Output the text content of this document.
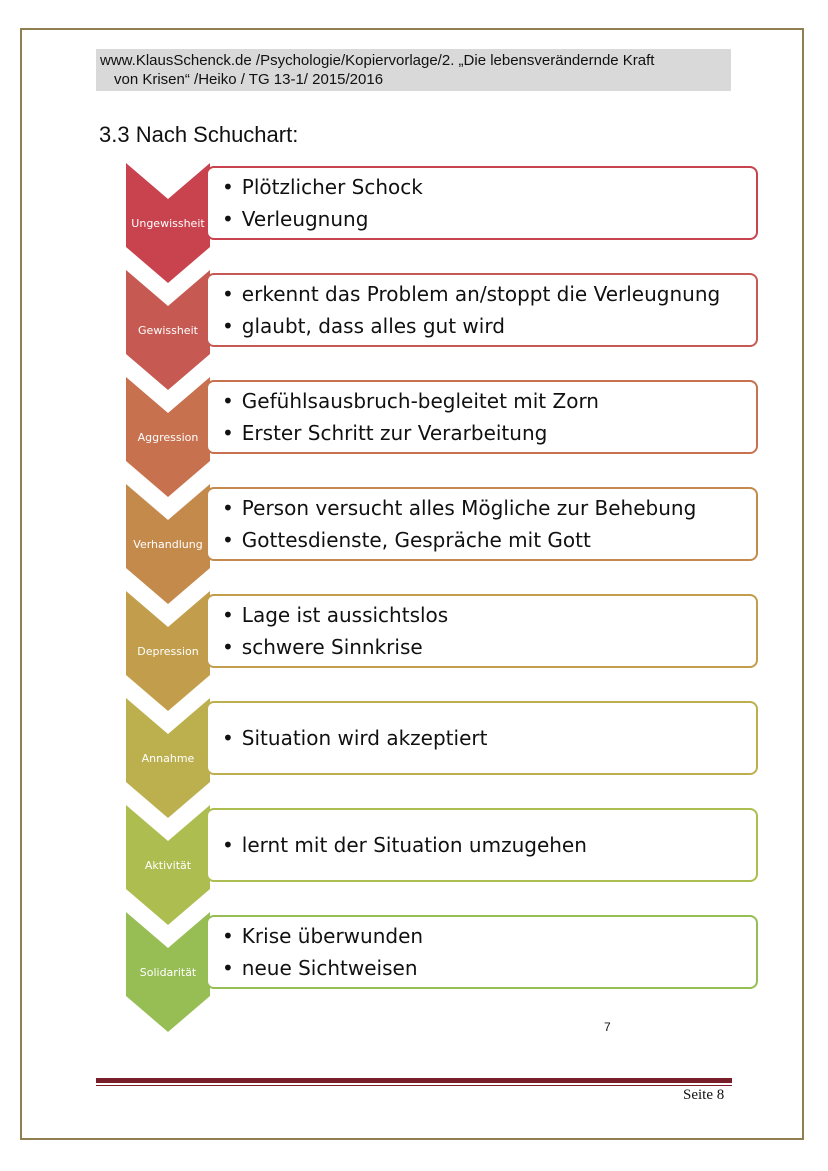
www.KlausSchenck.de /Psychologie/Kopiervorlage/2. „Die lebensverändernde Kraft
von Krisen“ /Heiko / TG 13-1/ 2015/2016
3.3 Nach Schuchart:
Ungewissheit
• Plötzlicher Schock
• Verleugnung
Gewissheit
• erkennt das Problem an/stoppt die Verleugnung
• glaubt, dass alles gut wird
Aggression
• Gefühlsausbruch-begleitet mit Zorn
• Erster Schritt zur Verarbeitung
Verhandlung
• Person versucht alles Mögliche zur Behebung
• Gottesdienste, Gespräche mit Gott
Depression
• Lage ist aussichtslos
• schwere Sinnkrise
Annahme
• Situation wird akzeptiert
Aktivität
• lernt mit der Situation umzugehen
Solidarität
• Krise überwunden
• neue Sichtweisen
7
Seite 8
